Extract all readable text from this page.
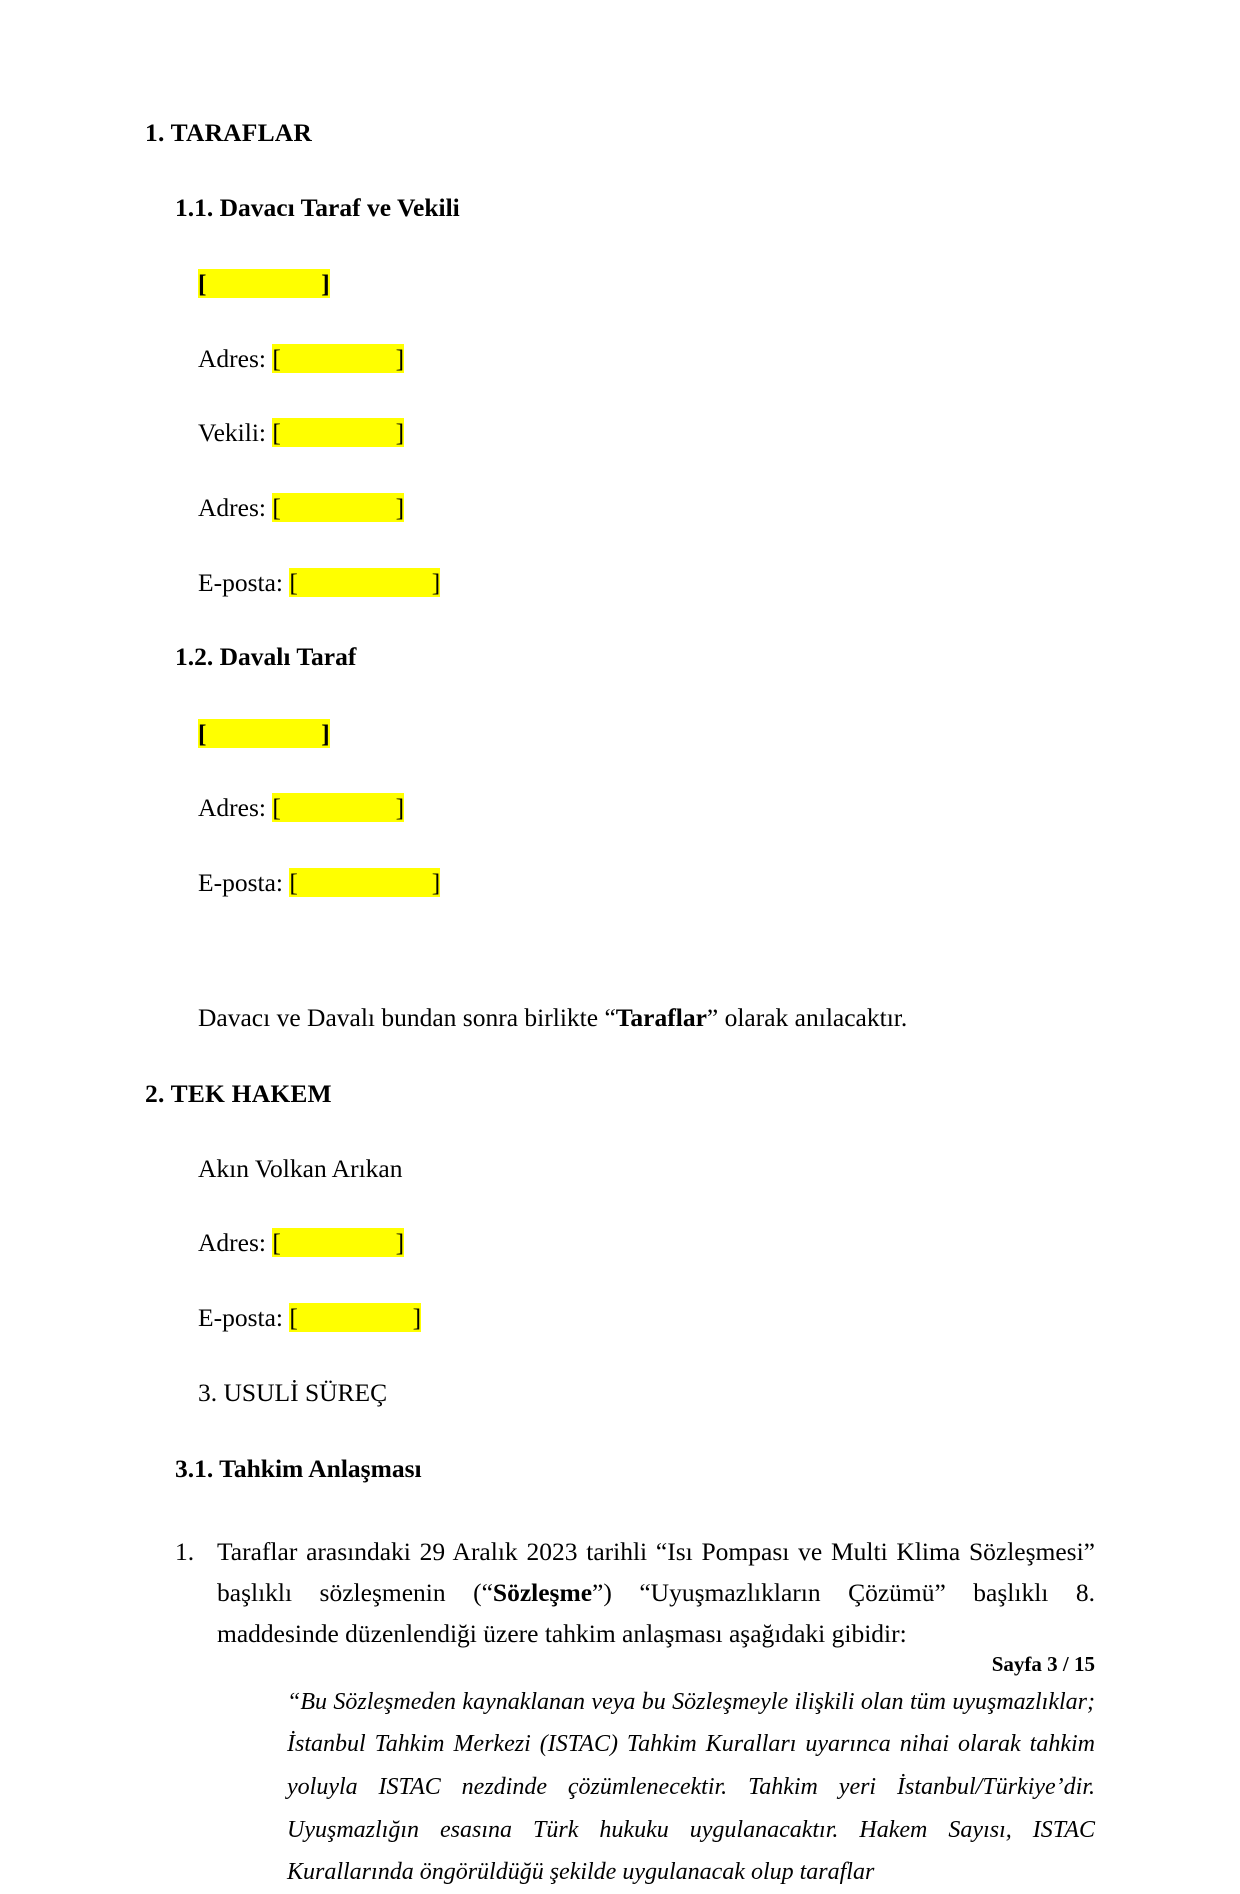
1. TARAFLAR
1.1. Davacı Taraf ve Vekili
[                  ]
Adres: [                  ]
Vekili: [                  ]
Adres: [                  ]
E-posta: [                     ]
1.2. Davalı Taraf
[                  ]
Adres: [                  ]
E-posta: [                     ]

Davacı ve Davalı bundan sonra birlikte “Taraflar” olarak anılacaktır.

2. TEK HAKEM
Akın Volkan Arıkan
Adres: [                  ]
E-posta: [                  ]
3. USULİ SÜREÇ
3.1. Tahkim Anlaşması
1. Taraflar arasındaki 29 Aralık 2023 tarihli “Isı Pompası ve Multi Klima Sözleşmesi” başlıklı sözleşmenin (“Sözleşme”) “Uyuşmazlıkların Çözümü” başlıklı 8. maddesinde düzenlendiği üzere tahkim anlaşması aşağıdaki gibidir:
“Bu Sözleşmeden kaynaklanan veya bu Sözleşmeyle ilişkili olan tüm uyuşmazlıklar; İstanbul Tahkim Merkezi (ISTAC) Tahkim Kuralları uyarınca nihai olarak tahkim yoluyla ISTAC nezdinde çözümlenecektir. Tahkim yeri İstanbul/Türkiye’dir. Uyuşmazlığın esasına Türk hukuku uygulanacaktır. Hakem Sayısı, ISTAC Kurallarında öngörüldüğü şekilde uygulanacak olup taraflar
Sayfa 3 / 15
